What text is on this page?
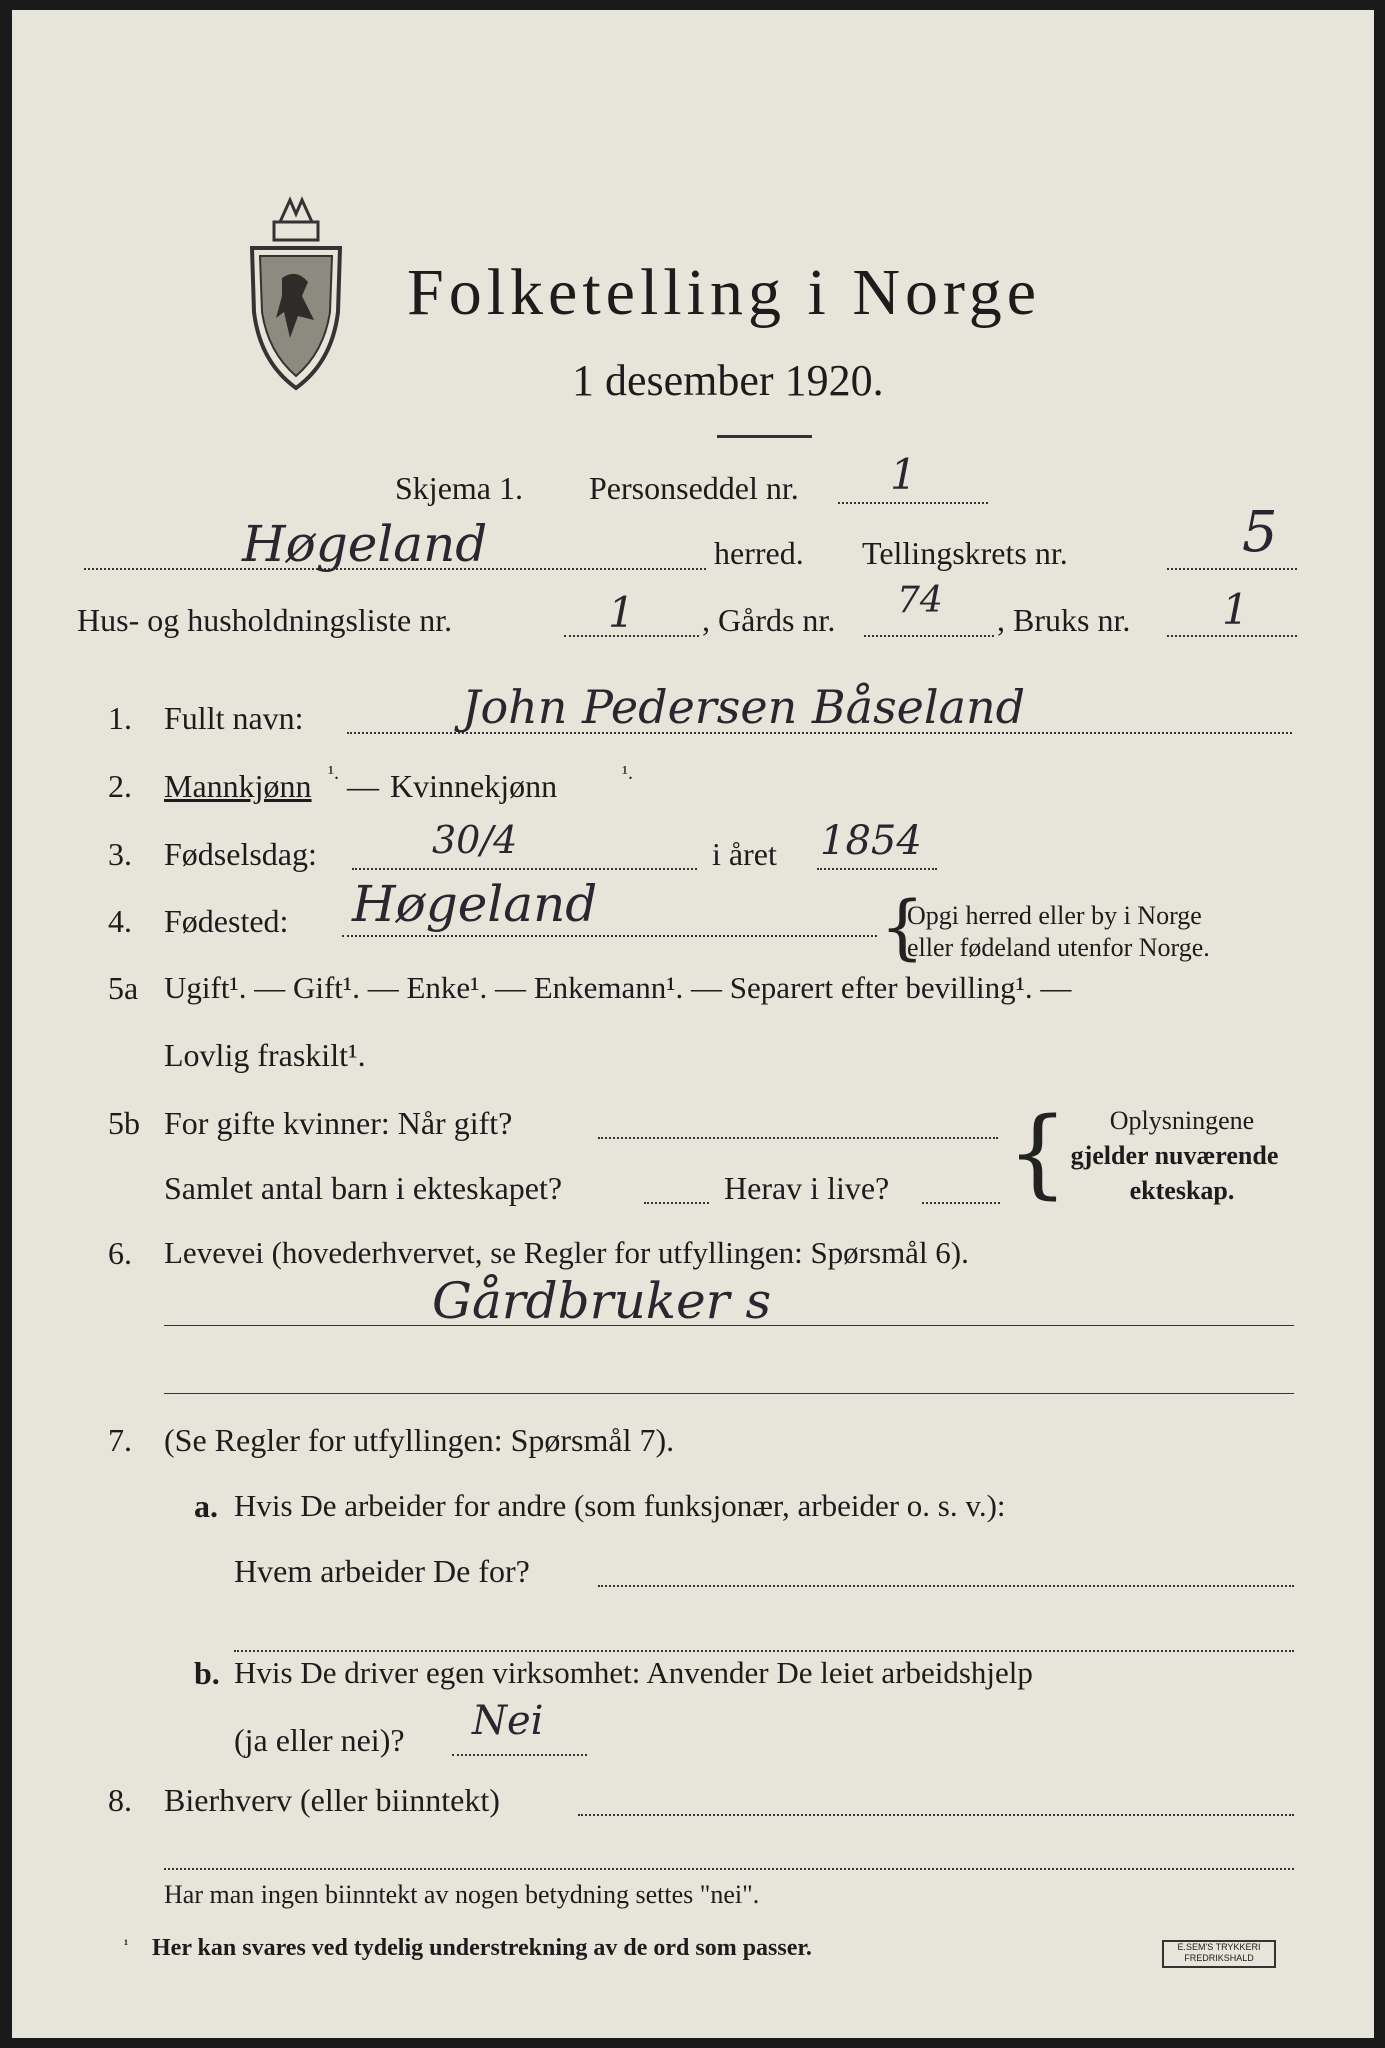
Folketelling i Norge
1 desember 1920.
Skjema 1. Personseddel nr. 1
Høgeland	herred. Tellingskrets nr.	5
Hus- og husholdningsliste nr.	1 , Gårds nr. 74 , Bruks nr. 1
1. Fullt navn:	John Pedersen Båseland
2. Mannkjønn ¹. — Kvinnekjønn	¹.
3. Fødselsdag:	30/4	i året 1854
4. Fødested: Høgeland	{
Opgi herred eller by i Norge
eller fødeland utenfor Norge.
5a Ugift¹. — Gift¹. — Enke¹. — Enkemann¹. — Separert efter bevilling¹. —
Lovlig fraskilt¹.
5b For gifte kvinner: Når gift?
Samlet antal barn i ekteskapet?	Herav i live? {	Oplysningene
gjelder nuværende
ekteskap.
6. Levevei (hovederhvervet, se Regler for utfyllingen: Spørsmål 6).
Gårdbruker s
7. (Se Regler for utfyllingen: Spørsmål 7).
a. Hvis De arbeider for andre (som funksjonær, arbeider o. s. v.):
Hvem arbeider De for?
b. Hvis De driver egen virksomhet: Anvender De leiet arbeidshjelp
(ja eller nei)? Nei
8. Bierhverv (eller biinntekt)
Har man ingen biinntekt av nogen betydning settes "nei".
¹ Her kan svares ved tydelig understrekning av de ord som passer.	E.SEM'S TRYKKERI
FREDRIKSHALD
